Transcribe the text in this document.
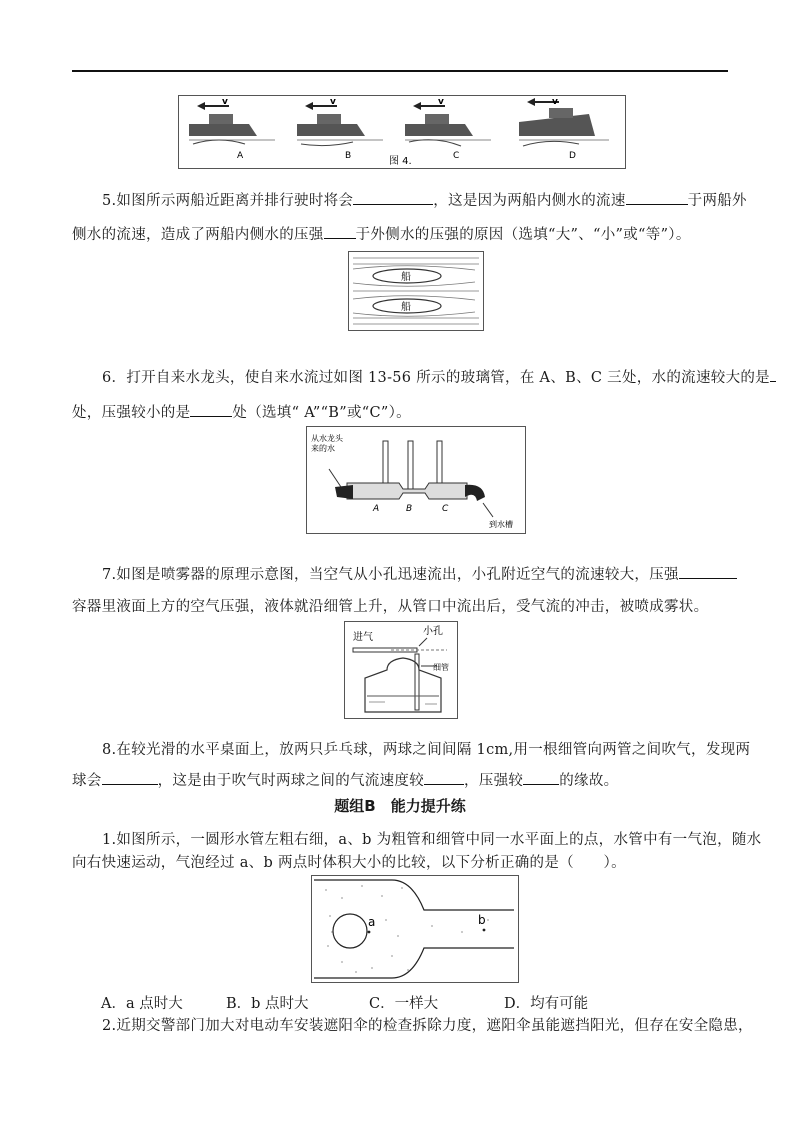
v	v	v	v
A	B	C	D
图 4.
5.如图所示两船近距离并排行驶时将会	，这是因为两船内侧水的流速	于两船外
侧水的流速，造成了两船内侧水的压强 于外侧水的压强的原因（选填“大”、“小”或“等”）。
船
船
6．打开自来水龙头，使自来水流过如图 13-56 所示的玻璃管，在 A、B、C 三处，水的流速较大的是
处，压强较小的是	处（选填“ A”“B”或“C”）。
从水龙头
来的水
A	B	C
到水槽
7.如图是喷雾器的原理示意图，当空气从小孔迅速流出，小孔附近空气的流速较大，压强
容器里液面上方的空气压强，液体就沿细管上升，从管口中流出后，受气流的冲击，被喷成雾状。
进气
小孔
细管
8.在较光滑的水平桌面上，放两只乒乓球，两球之间间隔 1cm,用一根细管向两管之间吹气，发现两
球会	，这是由于吹气时两球之间的气流速度较	，压强较 的缘故。
题组B　能力提升练
1.如图所示，一圆形水管左粗右细，a、b 为粗管和细管中同一水平面上的点，水管中有一气泡，随水
向右快速运动，气泡经过 a、b 两点时体积大小的比较，以下分析正确的是（　　）。
a	b
A．a 点时大	B．b 点时大	C．一样大	D．均有可能
2.近期交警部门加大对电动车安装遮阳伞的检查拆除力度，遮阳伞虽能遮挡阳光，但存在安全隐患，
